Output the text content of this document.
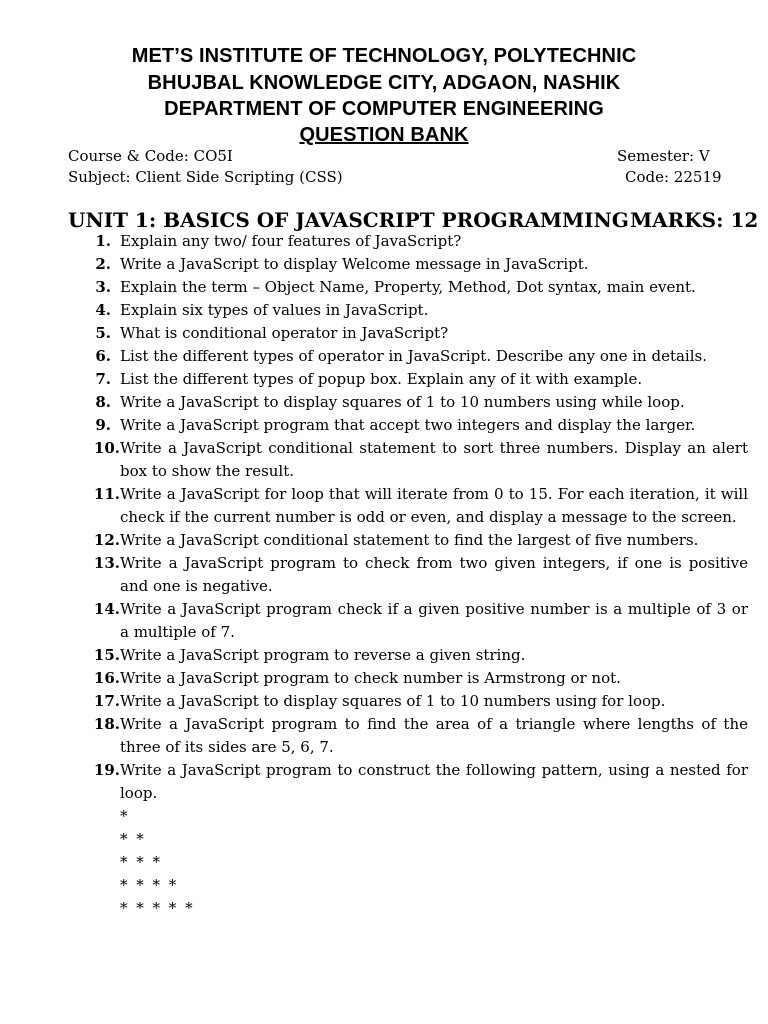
MET’S INSTITUTE OF TECHNOLOGY, POLYTECHNIC
BHUJBAL KNOWLEDGE CITY, ADGAON, NASHIK
DEPARTMENT OF COMPUTER ENGINEERING
QUESTION BANK
Course & Code: CO5I	Semester: V
Subject: Client Side Scripting (CSS)	Code: 22519
UNIT 1: BASICS OF JAVASCRIPT PROGRAMMING MARKS: 12
1. Explain any two/ four features of JavaScript?
2. Write a JavaScript to display Welcome message in JavaScript.
3. Explain the term – Object Name, Property, Method, Dot syntax, main event.
4. Explain six types of values in JavaScript.
5. What is conditional operator in JavaScript?
6. List the different types of operator in JavaScript. Describe any one in details.
7. List the different types of popup box. Explain any of it with example.
8. Write a JavaScript to display squares of 1 to 10 numbers using while loop.
9. Write a JavaScript program that accept two integers and display the larger.
10. Write a JavaScript conditional statement to sort three numbers. Display an alert box to show the result.
11. Write a JavaScript for loop that will iterate from 0 to 15. For each iteration, it will check if the current number is odd or even, and display a message to the screen.
12. Write a JavaScript conditional statement to find the largest of five numbers.
13. Write a JavaScript program to check from two given integers, if one is positive and one is negative.
14. Write a JavaScript program check if a given positive number is a multiple of 3 or a multiple of 7.
15. Write a JavaScript program to reverse a given string.
16. Write a JavaScript program to check number is Armstrong or not.
17. Write a JavaScript to display squares of 1 to 10 numbers using for loop.
18. Write a JavaScript program to find the area of a triangle where lengths of the three of its sides are 5, 6, 7.
19. Write a JavaScript program to construct the following pattern, using a nested for loop.
*
* *
* * *
* * * *
* * * * *
